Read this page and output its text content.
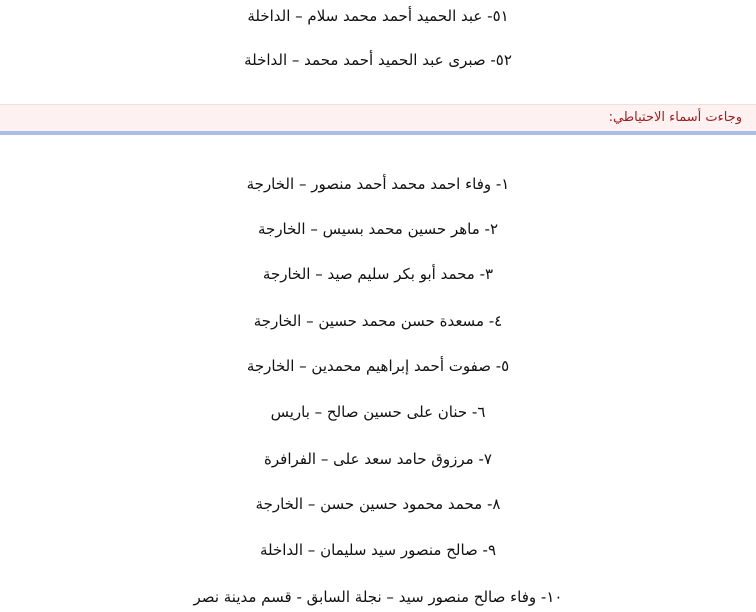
٥١- عبد الحميد أحمد محمد سلام – الداخلة
٥٢- صبرى عبد الحميد أحمد محمد – الداخلة
وجاءت أسماء الاحتياطي:
١- وفاء احمد محمد أحمد منصور – الخارجة
٢- ماهر حسين محمد بسيس – الخارجة
٣- محمد أبو بكر سليم صيد – الخارجة
٤- مسعدة حسن محمد حسين – الخارجة
٥- صفوت أحمد إبراهيم محمدين – الخارجة
٦- حنان على حسين صالح – باريس
٧- مرزوق حامد سعد على – الفرافرة
٨- محمد محمود حسين حسن – الخارجة
٩- صالح منصور سيد سليمان – الداخلة
١٠- وفاء صالح منصور سيد – نجلة السابق - قسم مدينة نصر
